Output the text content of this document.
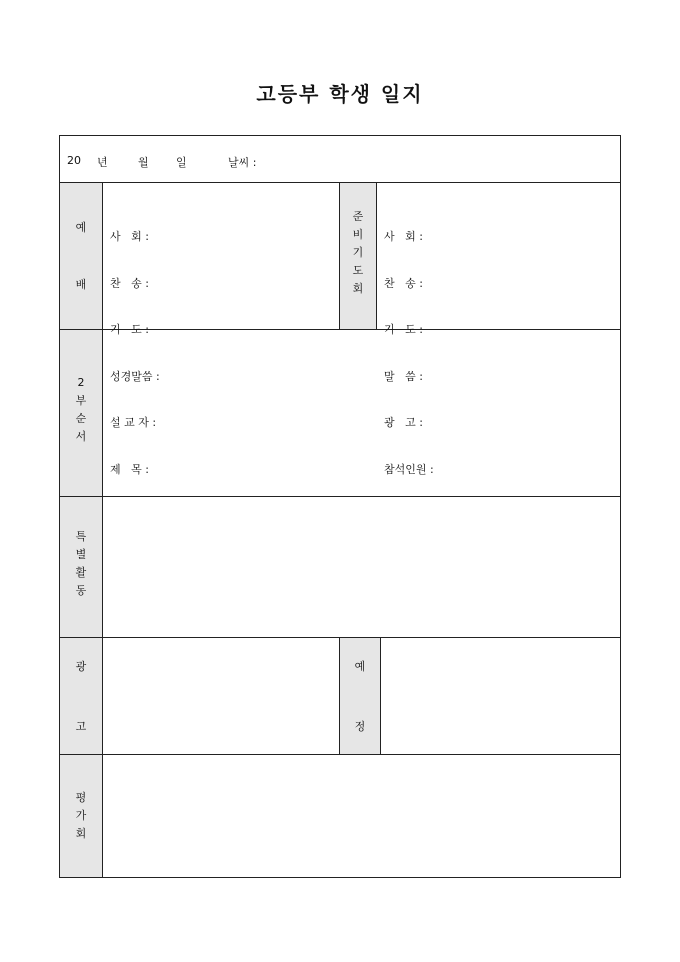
고등부 학생 일지
20 년	월 일	날씨 :
예
배

사   회 :

찬   송 :

기   도 :

성경말씀 :

설 교 자 :

제   목 :

준
비
기
도
회

사   회 :

찬   송 :

기   도 :

말   씀 :

광   고 :

참석인원 :

2
부
순
서
특
별
활
동
광
고
예
정
평
가
회
